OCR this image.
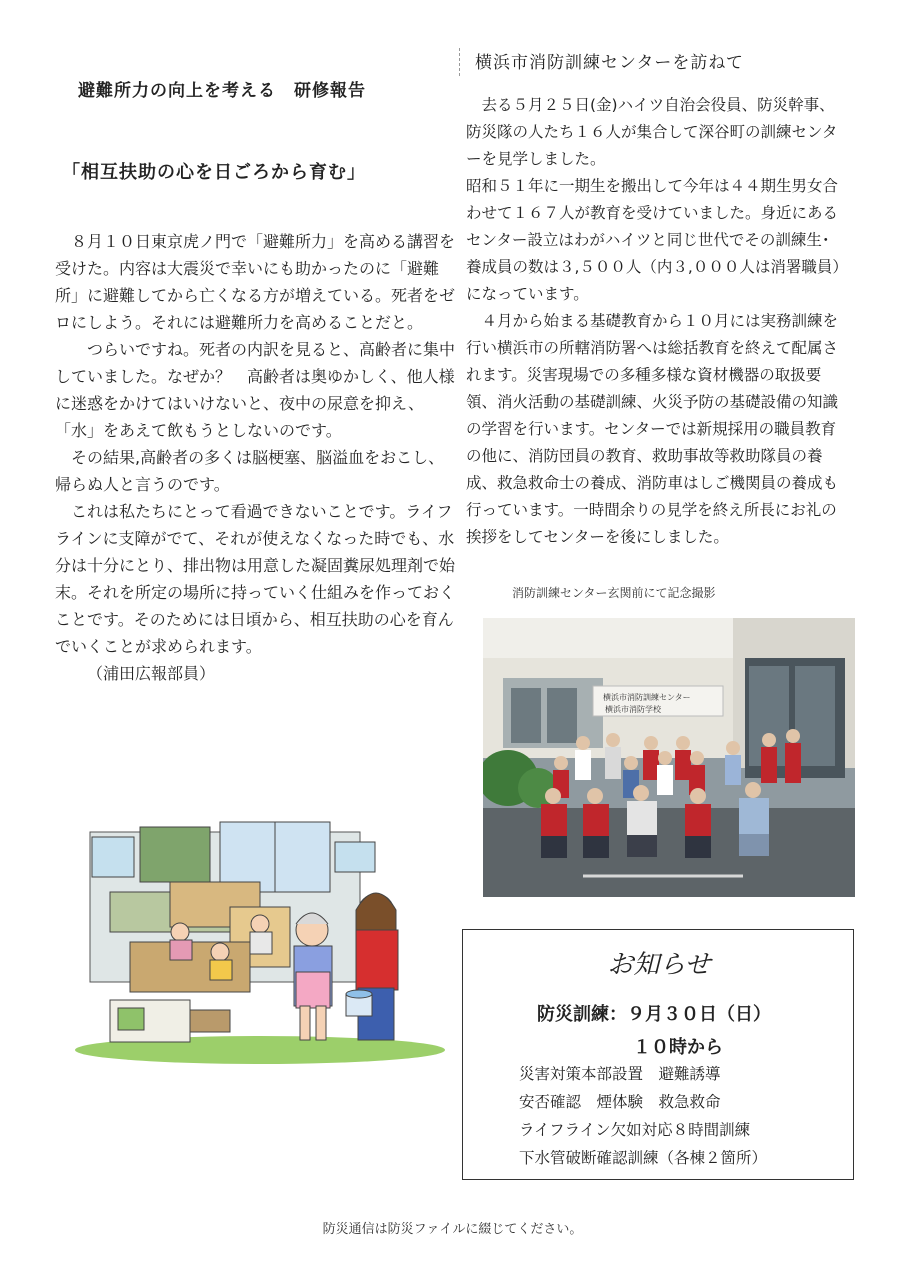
避難所力の向上を考える　研修報告
「相互扶助の心を日ごろから育む」

８月１０日東京虎ノ門で「避難所力」を高める講習を受けた。内容は大震災で幸いにも助かったのに「避難所」に避難してから亡くなる方が増えている。死者をゼロにしよう。それには避難所力を高めることだと。

つらいですね。死者の内訳を見ると、高齢者に集中していました。なぜか？　高齢者は奥ゆかしく、他人様に迷惑をかけてはいけないと、夜中の尿意を抑え、「水」をあえて飲もうとしないのです。

その結果,高齢者の多くは脳梗塞、脳溢血をおこし、帰らぬ人と言うのです。

これは私たちにとって看過できないことです。ライフラインに支障がでて、それが使えなくなった時でも、水分は十分にとり、排出物は用意した凝固糞尿処理剤で始末。それを所定の場所に持っていく仕組みを作っておくことです。そのためには日頃から、相互扶助の心を育んでいくことが求められます。

（浦田広報部員）

横浜市消防訓練センターを訪ねて

去る５月２５日(金)ハイツ自治会役員、防災幹事、防災隊の人たち１６人が集合して深谷町の訓練センターを見学しました。

昭和５１年に一期生を搬出して今年は４４期生男女合わせて１６７人が教育を受けていました。身近にあるセンター設立はわがハイツと同じ世代でその訓練生･養成員の数は３,５００人（内３,０００人は消署職員）になっています。

４月から始まる基礎教育から１０月には実務訓練を行い横浜市の所轄消防署へは総括教育を終えて配属されます。災害現場での多種多様な資材機器の取扱要領、消火活動の基礎訓練、火災予防の基礎設備の知識の学習を行います。センターでは新規採用の職員教育の他に、消防団員の教育、救助事故等救助隊員の養成、救急救命士の養成、消防車はしご機関員の養成も行っています。一時間余りの見学を終え所長にお礼の挨拶をしてセンターを後にしました。

消防訓練センター玄関前にて記念撮影
横浜市消防訓練センター
横浜市消防学校
お知らせ
防災訓練：９月３０日（日）
１０時から
災害対策本部設置　避難誘導
安否確認　煙体験　救急救命
ライフライン欠如対応８時間訓練
下水管破断確認訓練（各棟２箇所）
防災通信は防災ファイルに綴じてください。
